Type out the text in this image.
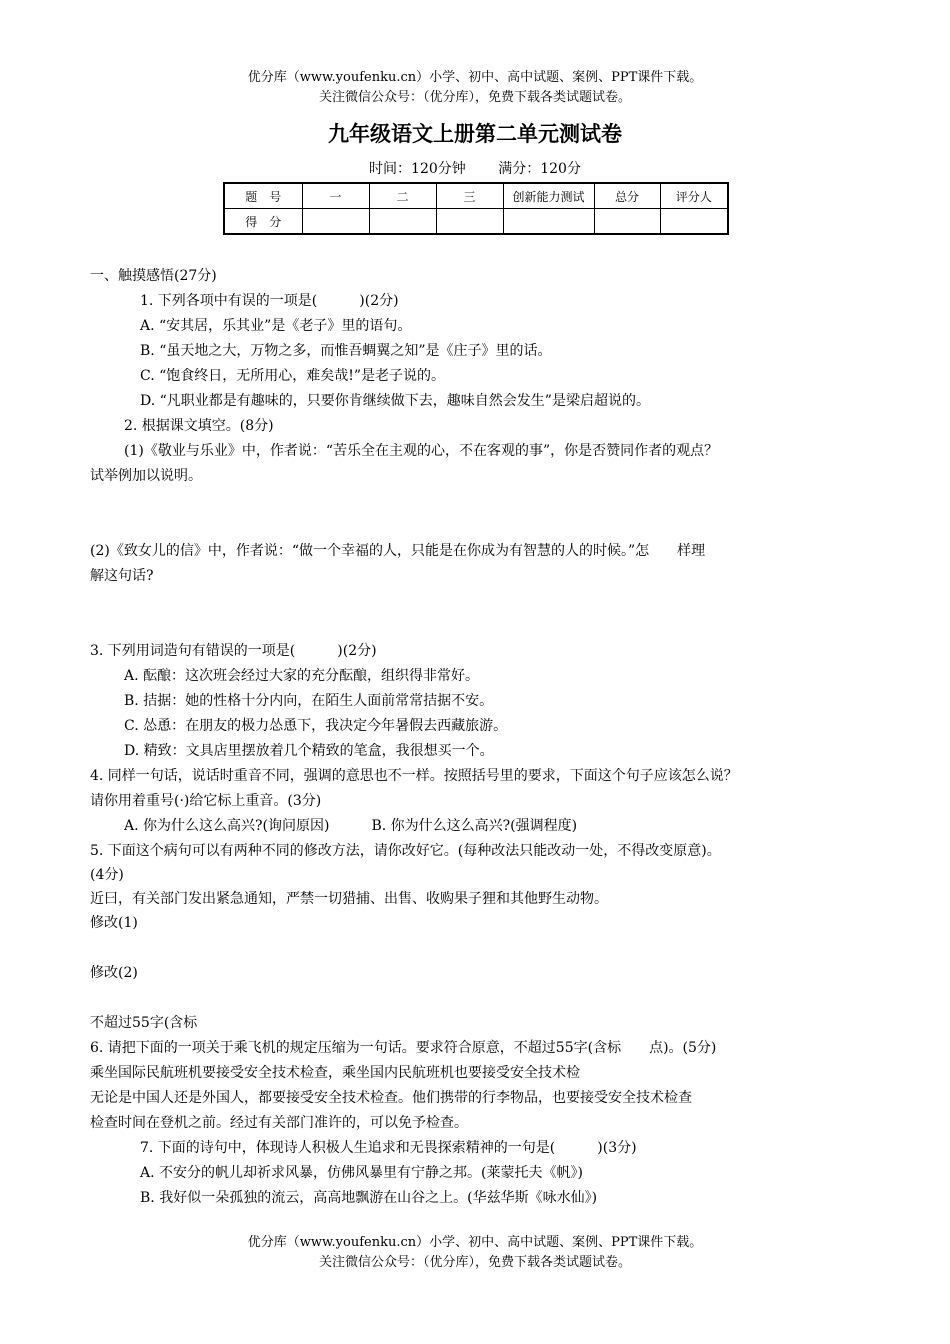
优分库（www.youfenku.cn）小学、初中、高中试题、案例、PPT课件下载。
关注微信公众号：（优分库），免费下载各类试题试卷。
九年级语文上册第二单元测试卷
时间：120分钟 满分：120分
题　号	一	二	三	创新能力测试	总分	评分人
得　分						
一、触摸感悟(27分)
1. 下列各项中有误的一项是(　　　)(2分)
A. “安其居，乐其业”是《老子》里的语句。
B. “虽天地之大，万物之多，而惟吾蜩翼之知”是《庄子》里的话。
C. “饱食终日，无所用心，难矣哉!”是老子说的。
D. “凡职业都是有趣味的，只要你肯继续做下去，趣味自然会发生”是梁启超说的。
2. 根据课文填空。(8分)
(1)《敬业与乐业》中，作者说：“苦乐全在主观的心，不在客观的事”，你是否赞同作者的观点？
试举例加以说明。
(2)《致女儿的信》中，作者说：“做一个幸福的人，只能是在你成为有智慧的人的时候。”怎　　样理
解这句话?
3. 下列用词造句有错误的一项是(　　　)(2分)
A. 酝酿：这次班会经过大家的充分酝酿，组织得非常好。
B. 拮据：她的性格十分内向，在陌生人面前常常拮据不安。
C. 怂恿：在朋友的极力怂恿下，我决定今年暑假去西藏旅游。
D. 精致：文具店里摆放着几个精致的笔盒，我很想买一个。
4. 同样一句话，说话时重音不同，强调的意思也不一样。按照括号里的要求，下面这个句子应该怎么说？
请你用着重号(·)给它标上重音。(3分)
A. 你为什么这么高兴?(询问原因)　　　B. 你为什么这么高兴?(强调程度)
5. 下面这个病句可以有两种不同的修改方法，请你改好它。(每种改法只能改动一处，不得改变原意)。
(4分)
近曰，有关部门发出紧急通知，严禁一切猎捕、出售、收购果子狸和其他野生动物。
修改(1)
修改(2)
不超过55字(含标
6. 请把下面的一项关于乘飞机的规定压缩为一句话。要求符合原意，不超过55字(含标　　点)。(5分)
乘坐国际民航班机要接受安全技术检查，乘坐国内民航班机也要接受安全技术检
无论是中国人还是外国人，都要接受安全技术检查。他们携带的行李物品，也要接受安全技术检查
检查时间在登机之前。经过有关部门准许的，可以免予检查。
7. 下面的诗句中，体现诗人积极人生追求和无畏探索精神的一句是(　　　)(3分)
A. 不安分的帆儿却祈求风暴，仿佛风暴里有宁静之邦。(莱蒙托夫《帆》)
B. 我好似一朵孤独的流云，高高地飘游在山谷之上。(华兹华斯《咏水仙》)
优分库（www.youfenku.cn）小学、初中、高中试题、案例、PPT课件下载。
关注微信公众号：（优分库），免费下载各类试题试卷。
